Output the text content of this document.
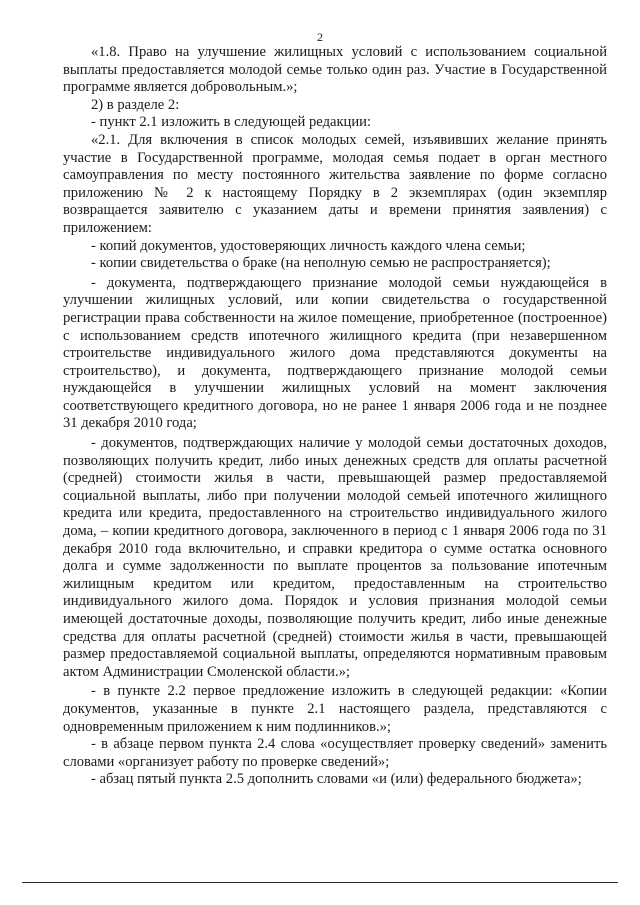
2

«1.8. Право на улучшение жилищных условий с использованием социальной выплаты предоставляется молодой семье только один раз. Участие в Государственной программе является добровольным.»;

2) в разделе 2:

- пункт 2.1 изложить в следующей редакции:

«2.1. Для включения в список молодых семей, изъявивших желание принять участие в Государственной программе, молодая семья подает в орган местного самоуправления по месту постоянного жительства заявление по форме согласно приложению № 2 к настоящему Порядку в 2 экземплярах (один экземпляр возвращается заявителю с указанием даты и времени принятия заявления) с приложением:

- копий документов, удостоверяющих личность каждого члена семьи;

- копии свидетельства о браке (на неполную семью не распространяется);

- документа, подтверждающего признание молодой семьи нуждающейся в улучшении жилищных условий, или копии свидетельства о государственной регистрации права собственности на жилое помещение, приобретенное (построенное) с использованием средств ипотечного жилищного кредита (при незавершенном строительстве индивидуального жилого дома представляются документы на строительство), и документа, подтверждающего признание молодой семьи нуждающейся в улучшении жилищных условий на момент заключения соответствующего кредитного договора, но не ранее 1 января 2006 года и не позднее 31 декабря 2010 года;

- документов, подтверждающих наличие у молодой семьи достаточных доходов, позволяющих получить кредит, либо иных денежных средств для оплаты расчетной (средней) стоимости жилья в части, превышающей размер предоставляемой социальной выплаты, либо при получении молодой семьей ипотечного жилищного кредита или кредита, предоставленного на строительство индивидуального жилого дома, – копии кредитного договора, заключенного в период с 1 января 2006 года по 31 декабря 2010 года включительно, и справки кредитора о сумме остатка основного долга и сумме задолженности по выплате процентов за пользование ипотечным жилищным кредитом или кредитом, предоставленным на строительство индивидуального жилого дома. Порядок и условия признания молодой семьи имеющей достаточные доходы, позволяющие получить кредит, либо иные денежные средства для оплаты расчетной (средней) стоимости жилья в части, превышающей размер предоставляемой социальной выплаты, определяются нормативным правовым актом Администрации Смоленской области.»;

- в пункте 2.2 первое предложение изложить в следующей редакции: «Копии документов, указанные в пункте 2.1 настоящего раздела, представляются с одновременным приложением к ним подлинников.»;

- в абзаце первом пункта 2.4 слова «осуществляет проверку сведений» заменить словами «организует работу по проверке сведений»;

- абзац пятый пункта 2.5 дополнить словами «и (или) федерального бюджета»;
